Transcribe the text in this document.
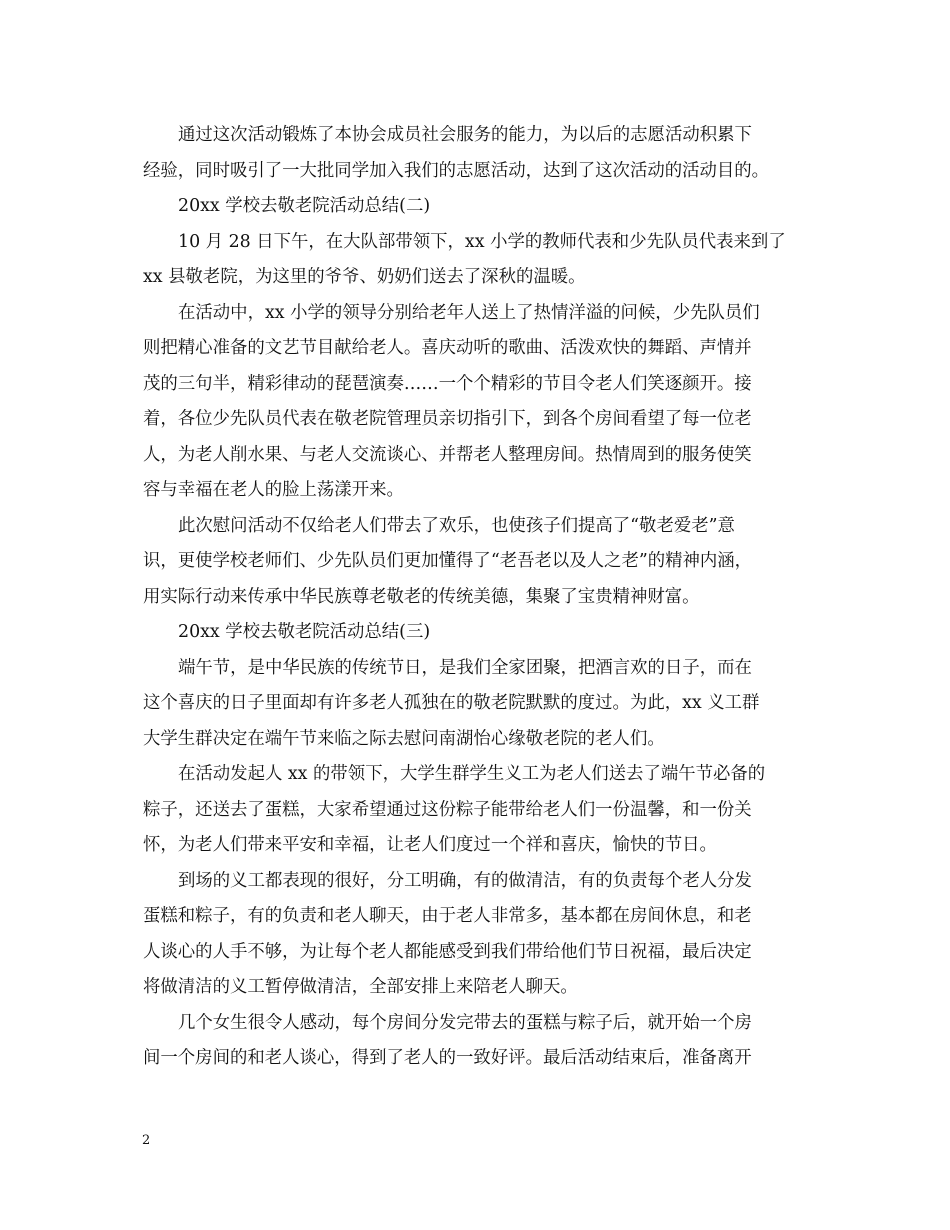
通过这次活动锻炼了本协会成员社会服务的能力，为以后的志愿活动积累下
经验，同时吸引了一大批同学加入我们的志愿活动，达到了这次活动的活动目的。
20xx 学校去敬老院活动总结(二)
10 月 28 日下午，在大队部带领下，xx 小学的教师代表和少先队员代表来到了
xx 县敬老院，为这里的爷爷、奶奶们送去了深秋的温暖。
在活动中，xx 小学的领导分别给老年人送上了热情洋溢的问候，少先队员们
则把精心准备的文艺节目献给老人。喜庆动听的歌曲、活泼欢快的舞蹈、声情并
茂的三句半，精彩律动的琵琶演奏……一个个精彩的节目令老人们笑逐颜开。接
着，各位少先队员代表在敬老院管理员亲切指引下，到各个房间看望了每一位老
人，为老人削水果、与老人交流谈心、并帮老人整理房间。热情周到的服务使笑
容与幸福在老人的脸上荡漾开来。
此次慰问活动不仅给老人们带去了欢乐，也使孩子们提高了“敬老爱老”意
识，更使学校老师们、少先队员们更加懂得了“老吾老以及人之老”的精神内涵，
用实际行动来传承中华民族尊老敬老的传统美德，集聚了宝贵精神财富。
20xx 学校去敬老院活动总结(三)
端午节，是中华民族的传统节日，是我们全家团聚，把酒言欢的日子，而在
这个喜庆的日子里面却有许多老人孤独在的敬老院默默的度过。为此，xx 义工群
大学生群决定在端午节来临之际去慰问南湖怡心缘敬老院的老人们。
在活动发起人 xx 的带领下，大学生群学生义工为老人们送去了端午节必备的
粽子，还送去了蛋糕，大家希望通过这份粽子能带给老人们一份温馨，和一份关
怀，为老人们带来平安和幸福，让老人们度过一个祥和喜庆，愉快的节日。
到场的义工都表现的很好，分工明确，有的做清洁，有的负责每个老人分发
蛋糕和粽子，有的负责和老人聊天，由于老人非常多，基本都在房间休息，和老
人谈心的人手不够，为让每个老人都能感受到我们带给他们节日祝福，最后决定
将做清洁的义工暂停做清洁，全部安排上来陪老人聊天。
几个女生很令人感动，每个房间分发完带去的蛋糕与粽子后，就开始一个房
间一个房间的和老人谈心，得到了老人的一致好评。最后活动结束后，准备离开
2
